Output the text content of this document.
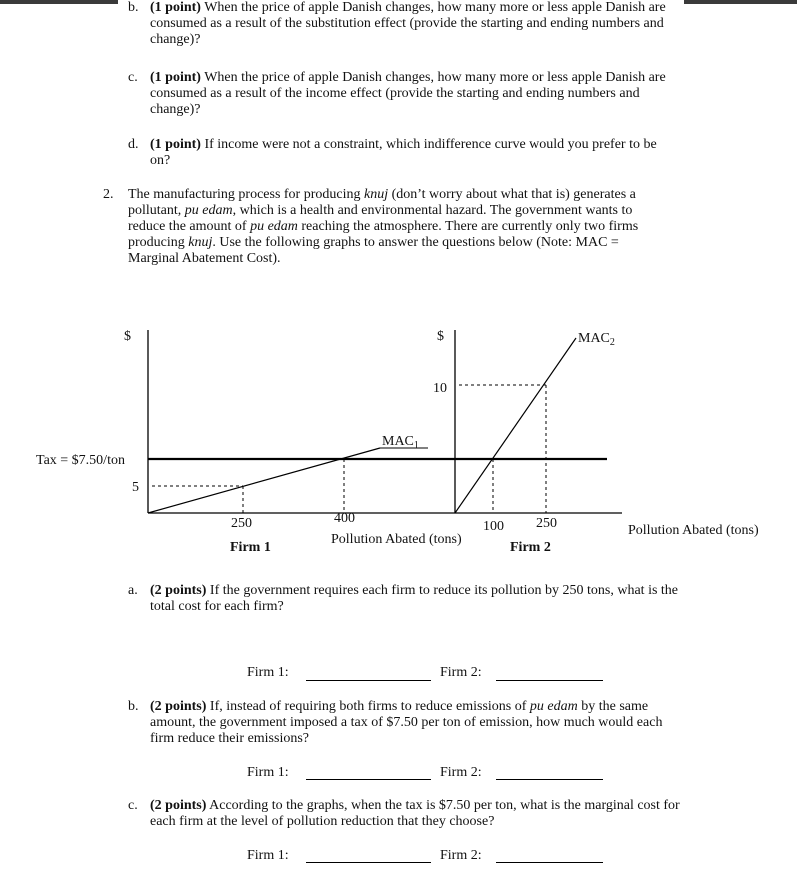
b. (1 point) When the price of apple Danish changes, how many more or less apple Danish are consumed as a result of the substitution effect (provide the starting and ending numbers and change)?
c. (1 point) When the price of apple Danish changes, how many more or less apple Danish are consumed as a result of the income effect (provide the starting and ending numbers and change)?
d. (1 point) If income were not a constraint, which indifference curve would you prefer to be on?
2. The manufacturing process for producing knuj (don’t worry about what that is) generates a pollutant, pu edam, which is a health and environmental hazard. The government wants to reduce the amount of pu edam reaching the atmosphere. There are currently only two firms producing knuj. Use the following graphs to answer the questions below (Note: MAC = Marginal Abatement Cost).
$	$
Tax = $7.50/ton
5
10
$MAC_1$
$MAC_2$
250	400
100 250
Firm 1	Firm 2
Pollution Abated (tons)
Pollution Abated (tons)
a. (2 points) If the government requires each firm to reduce its pollution by 250 tons, what is the total cost for each firm?
Firm 1:	Firm 2:
b. (2 points) If, instead of requiring both firms to reduce emissions of pu edam by the same amount, the government imposed a tax of $7.50 per ton of emission, how much would each firm reduce their emissions?
Firm 1:	Firm 2:
c. (2 points) According to the graphs, when the tax is $7.50 per ton, what is the marginal cost for each firm at the level of pollution reduction that they choose?
Firm 1:	Firm 2:
